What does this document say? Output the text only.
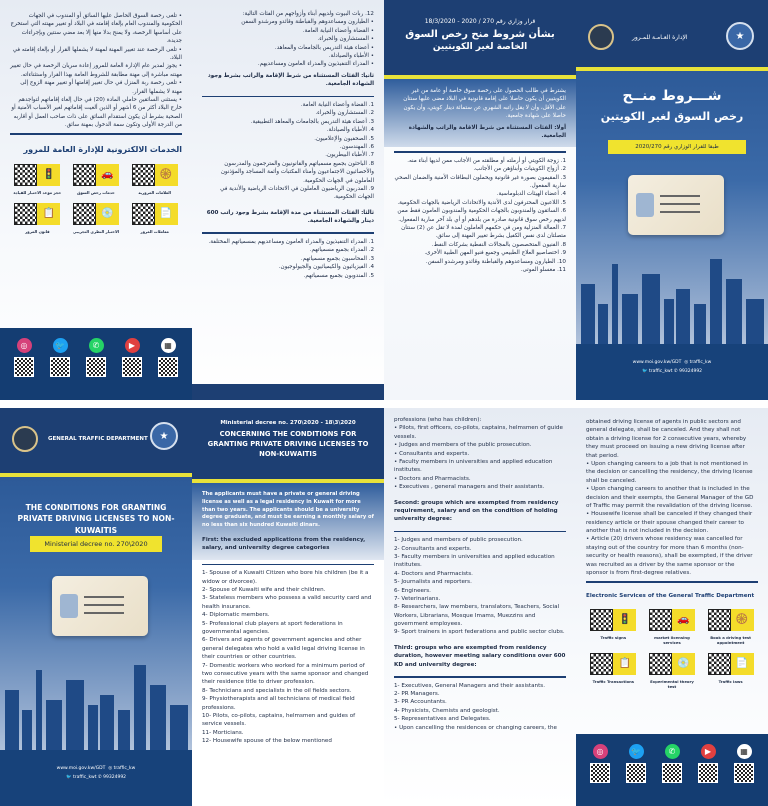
• تلغى رخصة السوق الحاصل عليها السائق أو المندوب في الجهات الحكومية والمندوب العام بإلغاء إقامته في البلاد أو تغيير مهنته التي استخرج على أساسها الرخصة، ولا يمنح بدلا منها إلا بعد مضي سنتين وبإجراءات جديدة.
• تلغى الرخصة عند تغيير المهنة لمهنة لا يشملها القرار أو بإلغاء إقامته في البلاد.
• يجوز لمدير عام الإدارة العامة للمرور إعادة سريان الرخصة في حال تغيير مهنته مباشرة إلى مهنة مطابقة للشروط العامة بهذا القرار واستثناءاته.
• تلغى رخصة ربة المنزل في حال تغيير إقامتها أو تغيير مهنة الزوج إلى مهنة لا يشملها القرار.
• يستثنى السائقين حاملي المادة (20) في حال إلغاء إقاماتهم لتواجدهم خارج البلاد أكثر من 6 أشهر أو الذين ألغيت إقاماتهم لغير الأسباب الأمنية أو الصحية بشرط أن يكون استقدام السائق على ذات صاحب العمل أو أقاربه من الدرجة الأولى وتكون سمة الدخول بمهنة سائق.
الخدمات الالكترونية للإدارة العامة للمرور
🚦
حجز موعد الاختبار للقيادة
🚗
خدمات رخص السوق
🛞
العلامات المرورية
📋
قانون المرور
💿
الاختبار النظري التجريبي
📄
معاملات المرور
◎	🐦	✆	▶	▦
12. ربات البيوت ولديهم أبناء وأزواجهم من الفئات التالية:
• الطيارون ومساعدوهم والقباطنة وقائدو ومرشدو السفن
• القضاة وأعضاء النيابة العامة.
• المستشارون والخبراء.
• أعضاء هيئة التدريس بالجامعات والمعاهد.
• الأطباء والصيادلة.
• المدراء التنفيذيون والمدراء العامون ومساعديهم.
ثانيا: الفئات المستثناة من شرط الإقامة والراتب بشرط وجود الشهادة الجامعية.
1. القضاة وأعضاء النيابة العامة.
2. المستشارون والخبراء.
3. أعضاء هيئة التدريس بالجامعات والمعاهد التطبيقية.
4. الأطباء والصيادلة.
5. الصحفيون والإعلاميون.
6. المهندسون.
7. الأطباء البيطريون.
8. الباحثون بجميع مسمياتهم والقانونيون والمترجمون والمدرسون والأخصائيون الاجتماعيون وأمناء المكتبات وأئمة المساجد والمؤذنون العاملون في الجهات الحكومية.
9. المدربون الرياضيون العاملون في الاتحادات الرياضية والأندية في الجهات الحكومية.
ثالثا: الفئات المستثناة من مدة الإقامة بشرط وجود راتب 600 دينار والشهادة الجامعية.
1. المدراء التنفيذيون والمدراء العامون ومساعديهم بمسمياتهم المختلفة.
2. المدراء بجميع مسمياتهم.
3. المحاسبون بجميع مسمياتهم.
4. الفيزيائيون والكيميائيون والجيولوجيون.
5. المندوبون بجميع مسمياتهم.
قرار وزاري رقم 270 / 2020 - 18/3/2020
بشأن شروط منح رخص السوق
الخاصة لغير الكويتيين
يشترط في طالب الحصول على رخصة سوق خاصة أو عامة من غير الكويتيين أن يكون حاصلا على إقامة قانونية في البلاد مضى عليها سنتان على الأقل، وأن لا يقل راتبه الشهري عن ستمائة دينار كويتي، وأن يكون حاصلا على شهادة جامعية.
أولا: الفئات المستثناة من شرط الاقامة والراتب والشهادة الجامعية.
1. زوجة الكويتي أو أرملته أو مطلقته من الأجانب ممن لديها أبناء منه.
2. أزواج الكويتيات وأبناؤهن من الأجانب.
3. المقيمون بصورة غير قانونية ويحملون البطاقات الأمنية والضمان الصحي سارية المفعول.
4. أعضاء الهيئات الدبلوماسية.
5. اللاعبون المحترفون لدى الأندية والاتحادات الرياضية بالجهات الحكومية.
6. السائقون والمندوبون بالجهات الحكومية والمندوبون العامون فقط ممن لديهم رخص سوق قانونية صادرة من بلدهم أو أي بلد آخر سارية المفعول.
7. العمالة المنزلية ومن في حكمهم العاملون لمدة لا تقل عن (2) سنتان متصلتان لدى نفس الكفيل بشرط تغيير المهنة إلى سائق.
8. الفنيون المتخصصون بالمجالات النفطية بشركات النفط.
9. اختصاصيو العلاج الطبيعي وجميع فنيو المهن الطبية الأخرى.
10. الطيارون ومساعدوهم والقباطنة وقائدو ومرشدو السفن.
11. مغسلو الموتى.
الإدارة العـامـة للمـرور	★
شـــروط منــح
رخص السوق لغير الكويتين
طبقا للقرار الوزاري رقم 2020/270
www.moi.gov.kw/GDT  ◎ traffic_kw
🐦 traffic_kwt ✆ 99324992
GENERAL TRAFFIC DEPARTMENT	★
THE CONDITIONS FOR GRANTING PRIVATE DRIVING LICENSES TO NON-KUWAITIS
Ministerial decree no. 270\2020
www.moi.gov.kw/GDT  ◎ traffic_kw
🐦 traffic_kwt ✆ 99324992
Ministerial decree no. 270\2020 - 18\3\2020
CONCERNING THE CONDITIONS FOR GRANTING PRIVATE DRIVING LICENSES TO NON-KUWAITIS
The applicants must have a private or general driving license as well as a legal residency in Kuwait for more than two years. The applicants should be a university degree graduate, and must be earning a monthly salary of no less than six hundred Kuwaiti dinars.
First: the excluded applications from the residency, salary, and university degree categories
1- Spouse of a Kuwaiti Citizen who bore his children (be it a widow or divorcee).
2- Spouse of Kuwaiti wife and their children.
3- Stateless members who possess a valid security card and health insurance.
4- Diplomatic members.
5- Professional club players at sport federations in governmental agencies.
6- Drivers and agents of government agencies and other general delegates who hold a valid legal driving license in their countries or other countries.
7- Domestic workers who worked for a minimum period of two consecutive years with the same sponsor and changed their residence title to driver profession.
8- Technicians and specialists in the oil fields sectors.
9- Physiotherapists and all technicians of medical field professions.
10- Pilots, co-pilots, captains, helmsmen and guides of service vessels.
11- Morticians.
12- Housewife spouse of the below mentioned
professions (who has children):
• Pilots, first officers, co-pilots, captains, helmsmen of guide vessels.
• Judges and members of the public prosecution.
• Consultants and experts.
• Faculty members in universities and applied education institutes.
• Doctors and Pharmacists.
• Executives , general managers and their assistants.
Second: groups which are exempted from residency requirement, salary and on the condition of holding university degree:
1- Judges and members of public prosecution.
2- Consultants and experts.
3- Faculty members in universities and applied education institutes.
4- Doctors and Pharmacists.
5- Journalists and reporters.
6- Engineers.
7- Veterinarians.
8- Researchers, law members, translators, Teachers, Social Workers, Librarians, Mosque Imams, Muezzins and government employees.
9- Sport trainers in sport federations and public sector clubs.
Third: groups who are exempted from residency duration, however meeting salary conditions over 600 KD and university degree:
1- Executives, General Managers and their assistants.
2- PR Managers.
3- PR Accountants.
4- Physicists, Chemists and geologist.
5- Representatives and Delegates.
• Upon cancelling the residences or changing careers, the
obtained driving license of agents in public sectors and general delegate, shall be canceled. And they shall not obtain a driving license for 2 consecutive years, whereby they must proceed on issuing a new driving license after that period.
• Upon changing careers to a job that is not mentioned in the decision or cancelling the residency, the driving license shall be canceled.
• Upon changing careers to another that is included in the decision and their exempts, the General Manager of the GD of Traffic may permit the revalidation of the driving license.
• Housewife license shall be canceled if they changed their residency article or their spouse changed their career to another that is not included in the decision.
• Article (20) drivers whose residency was cancelled for staying out of the country for more than 6 months (non-security or health reasons), shall be exempted, if the driver was recruited as a driver by the same sponsor or the sponsor is from first-degree relatives.
Electronic Services of the General Traffic Department
🚦
Traffic signs
🚗
market licensing services
🛞
Book a driving test appointment
📋
Traffic Transactions
💿
Experimental theory test
📄
Traffic laws
◎	🐦	✆	▶	▦
